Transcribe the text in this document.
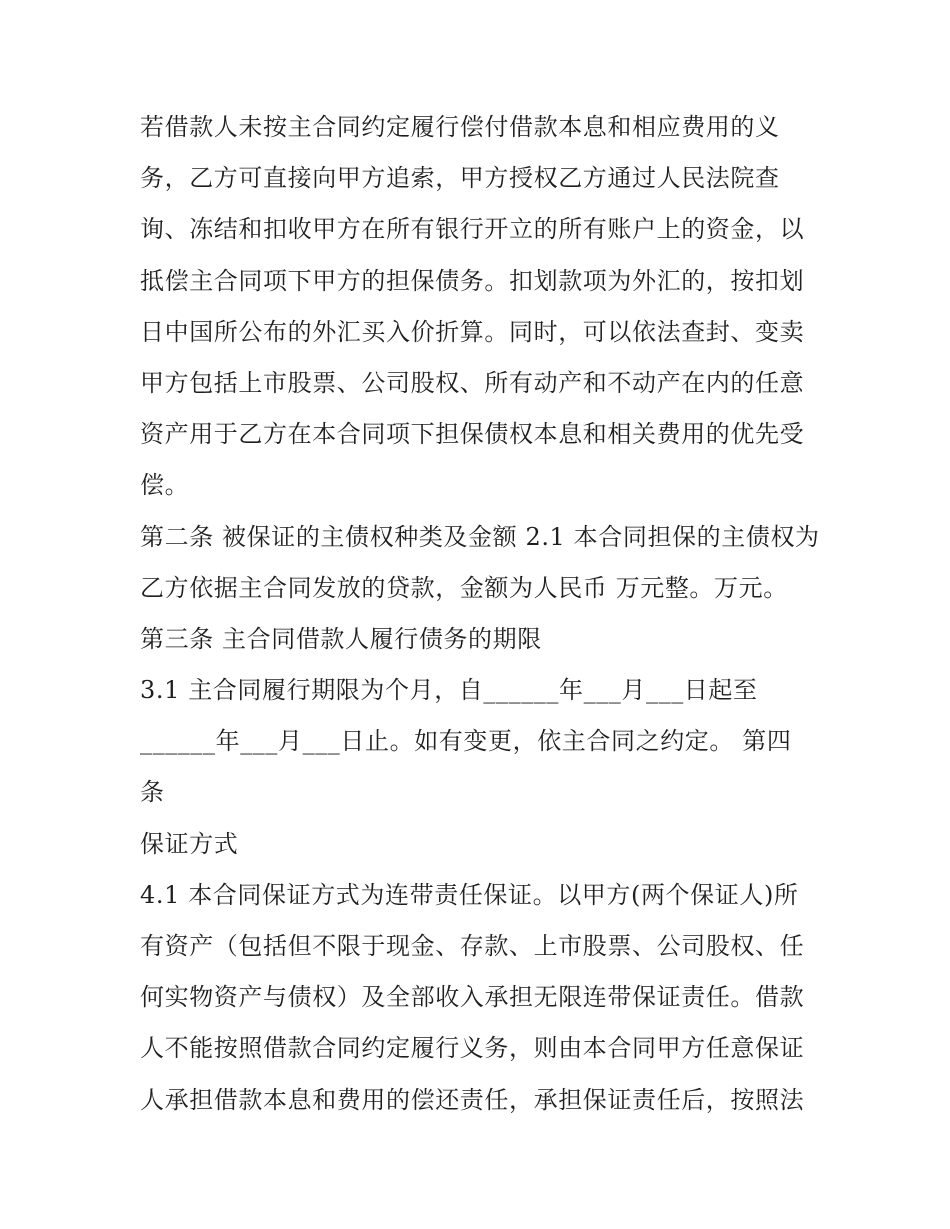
若借款人未按主合同约定履行偿付借款本息和相应费用的义
务，乙方可直接向甲方追索，甲方授权乙方通过人民法院查
询、冻结和扣收甲方在所有银行开立的所有账户上的资金，以
抵偿主合同项下甲方的担保债务。扣划款项为外汇的，按扣划
日中国所公布的外汇买入价折算。同时，可以依法查封、变卖
甲方包括上市股票、公司股权、所有动产和不动产在内的任意
资产用于乙方在本合同项下担保债权本息和相关费用的优先受
偿。
第二条 被保证的主债权种类及金额 2.1 本合同担保的主债权为
乙方依据主合同发放的贷款，金额为人民币 万元整。万元。
第三条 主合同借款人履行债务的期限
3.1 主合同履行期限为个月，自______年___月___日起至
______年___月___日止。如有变更，依主合同之约定。 第四
条
保证方式
4.1 本合同保证方式为连带责任保证。以甲方(两个保证人)所
有资产（包括但不限于现金、存款、上市股票、公司股权、任
何实物资产与债权）及全部收入承担无限连带保证责任。借款
人不能按照借款合同约定履行义务，则由本合同甲方任意保证
人承担借款本息和费用的偿还责任，承担保证责任后，按照法
